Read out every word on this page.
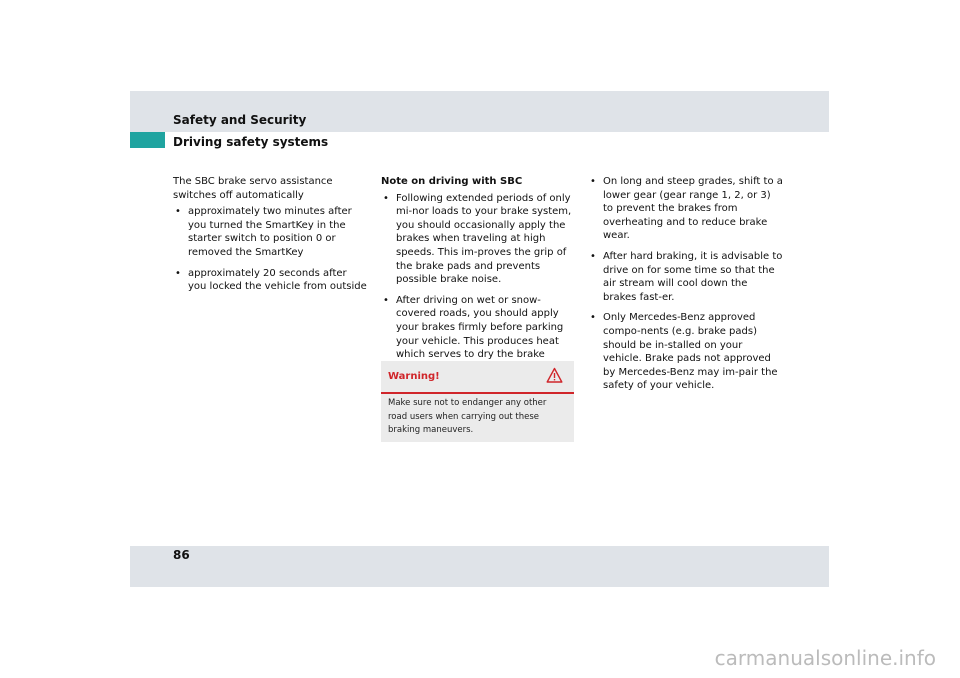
Safety and Security
Driving safety systems

The SBC brake servo assistance switches off automatically

• approximately two minutes after you turned the SmartKey in the starter switch to position 0 or removed the SmartKey
• approximately 20 seconds after you locked the vehicle from outside

Note on driving with SBC

• Following extended periods of only mi-nor loads to your brake system, you should occasionally apply the brakes when traveling at high speeds. This im-proves the grip of the brake pads and prevents possible brake noise.
• After driving on wet or snow-covered roads, you should apply your brakes firmly before parking your vehicle. This produces heat which serves to dry the brake
Warning!
Make sure not to endanger any other road users when carrying out these braking maneuvers.
• On long and steep grades, shift to a lower gear (gear range 1, 2, or 3) to prevent the brakes from overheating and to reduce brake wear.
• After hard braking, it is advisable to drive on for some time so that the air stream will cool down the brakes fast-er.
• Only Mercedes-Benz approved compo-nents (e.g. brake pads) should be in-stalled on your vehicle. Brake pads not approved by Mercedes-Benz may im-pair the safety of your vehicle.
86
carmanualsonline.info
